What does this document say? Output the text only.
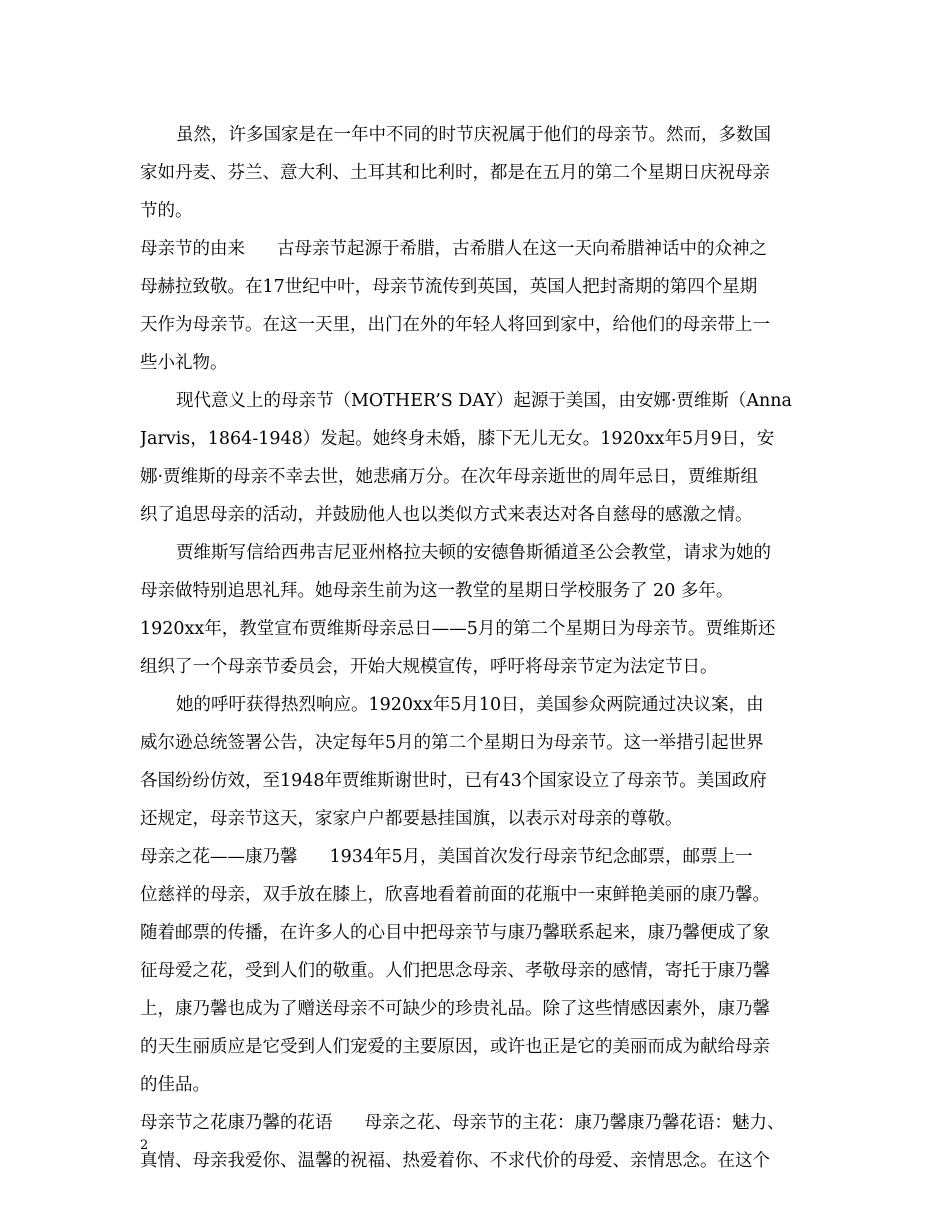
虽然，许多国家是在一年中不同的时节庆祝属于他们的母亲节。然而，多数国
家如丹麦、芬兰、意大利、土耳其和比利时，都是在五月的第二个星期日庆祝母亲
节的。
母亲节的由来 古母亲节起源于希腊，古希腊人在这一天向希腊神话中的众神之
母赫拉致敬。在17世纪中叶，母亲节流传到英国，英国人把封斋期的第四个星期
天作为母亲节。在这一天里，出门在外的年轻人将回到家中，给他们的母亲带上一
些小礼物。
现代意义上的母亲节（MOTHER’S DAY）起源于美国，由安娜·贾维斯（Anna
Jarvis，1864-1948）发起。她终身未婚，膝下无儿无女。1920xx年5月9日，安
娜·贾维斯的母亲不幸去世，她悲痛万分。在次年母亲逝世的周年忌日，贾维斯组
织了追思母亲的活动，并鼓励他人也以类似方式来表达对各自慈母的感激之情。
贾维斯写信给西弗吉尼亚州格拉夫顿的安德鲁斯循道圣公会教堂，请求为她的
母亲做特别追思礼拜。她母亲生前为这一教堂的星期日学校服务了 20 多年。
1920xx年，教堂宣布贾维斯母亲忌日——5月的第二个星期日为母亲节。贾维斯还
组织了一个母亲节委员会，开始大规模宣传，呼吁将母亲节定为法定节日。
她的呼吁获得热烈响应。1920xx年5月10日，美国参众两院通过决议案，由
威尔逊总统签署公告，决定每年5月的第二个星期日为母亲节。这一举措引起世界
各国纷纷仿效，至1948年贾维斯谢世时，已有43个国家设立了母亲节。美国政府
还规定，母亲节这天，家家户户都要悬挂国旗，以表示对母亲的尊敬。
母亲之花——康乃馨 1934年5月，美国首次发行母亲节纪念邮票，邮票上一
位慈祥的母亲，双手放在膝上，欣喜地看着前面的花瓶中一束鲜艳美丽的康乃馨。
随着邮票的传播，在许多人的心目中把母亲节与康乃馨联系起来，康乃馨便成了象
征母爱之花，受到人们的敬重。人们把思念母亲、孝敬母亲的感情，寄托于康乃馨
上，康乃馨也成为了赠送母亲不可缺少的珍贵礼品。除了这些情感因素外，康乃馨
的天生丽质应是它受到人们宠爱的主要原因，或许也正是它的美丽而成为献给母亲
的佳品。
母亲节之花康乃馨的花语 母亲之花、母亲节的主花：康乃馨康乃馨花语：魅力、
真情、母亲我爱你、温馨的祝福、热爱着你、不求代价的母爱、亲情思念。在这个
2
